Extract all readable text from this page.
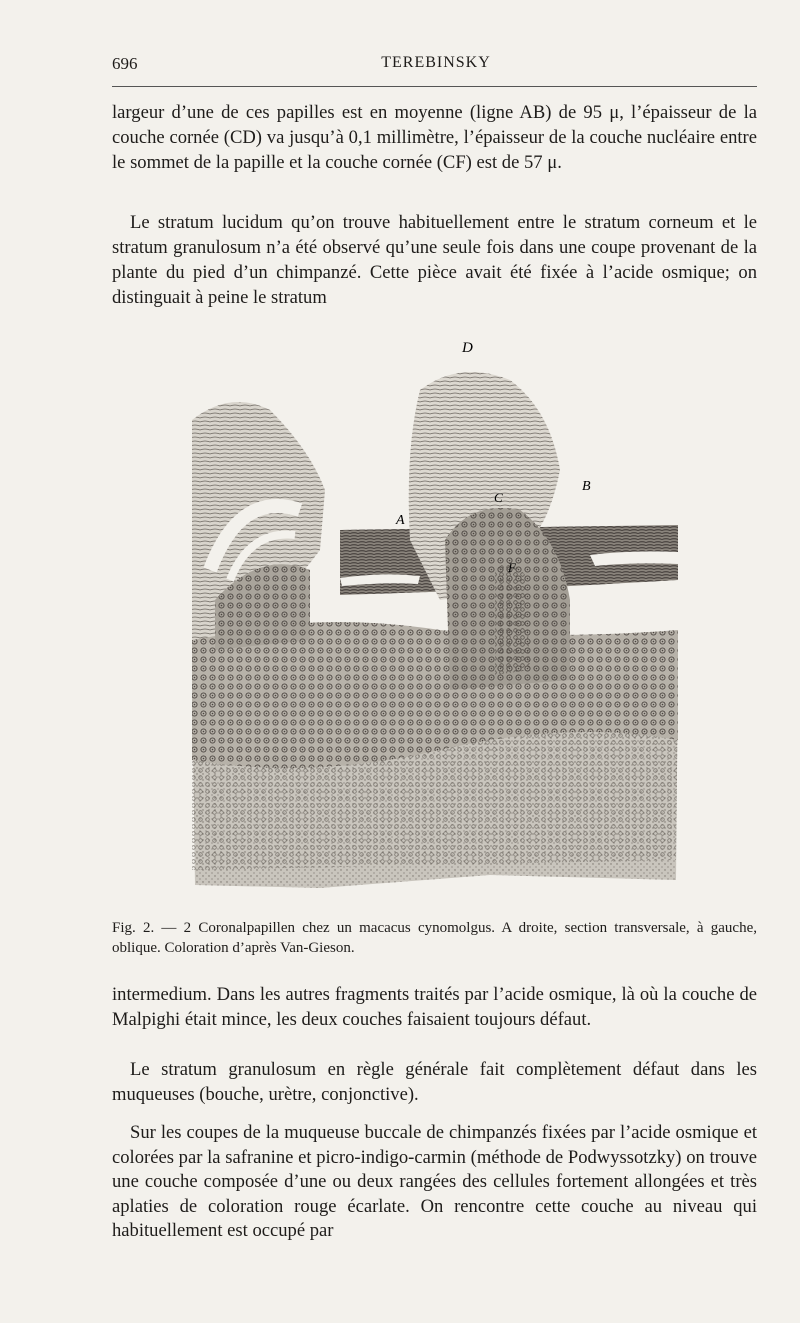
696	TEREBINSKY

largeur d’une de ces papilles est en moyenne (ligne AB) de 95 μ, l’épaisseur de la couche cornée (CD) va jusqu’à 0,1 millimètre, l’épaisseur de la couche nucléaire entre le sommet de la papille et la couche cornée (CF) est de 57 μ.

Le stratum lucidum qu’on trouve habituellement entre le stratum corneum et le stratum granulosum n’a été observé qu’une seule fois dans une coupe provenant de la plante du pied d’un chimpanzé. Cette pièce avait été fixée à l’acide osmique; on distinguait à peine le stratum

D
B
C
A
F

Fig. 2. — 2 Coronalpapillen chez un macacus cynomolgus. A droite, section transversale, à gauche, oblique. Coloration d’après Van-Gieson.

intermedium. Dans les autres fragments traités par l’acide osmique, là où la couche de Malpighi était mince, les deux couches faisaient toujours défaut.

Le stratum granulosum en règle générale fait complètement défaut dans les muqueuses (bouche, urètre, conjonctive).

Sur les coupes de la muqueuse buccale de chimpanzés fixées par l’acide osmique et colorées par la safranine et picro-indigo-carmin (méthode de Podwyssotzky) on trouve une couche composée d’une ou deux rangées des cellules fortement allongées et très aplaties de coloration rouge écarlate. On rencontre cette couche au niveau qui habituellement est occupé par
